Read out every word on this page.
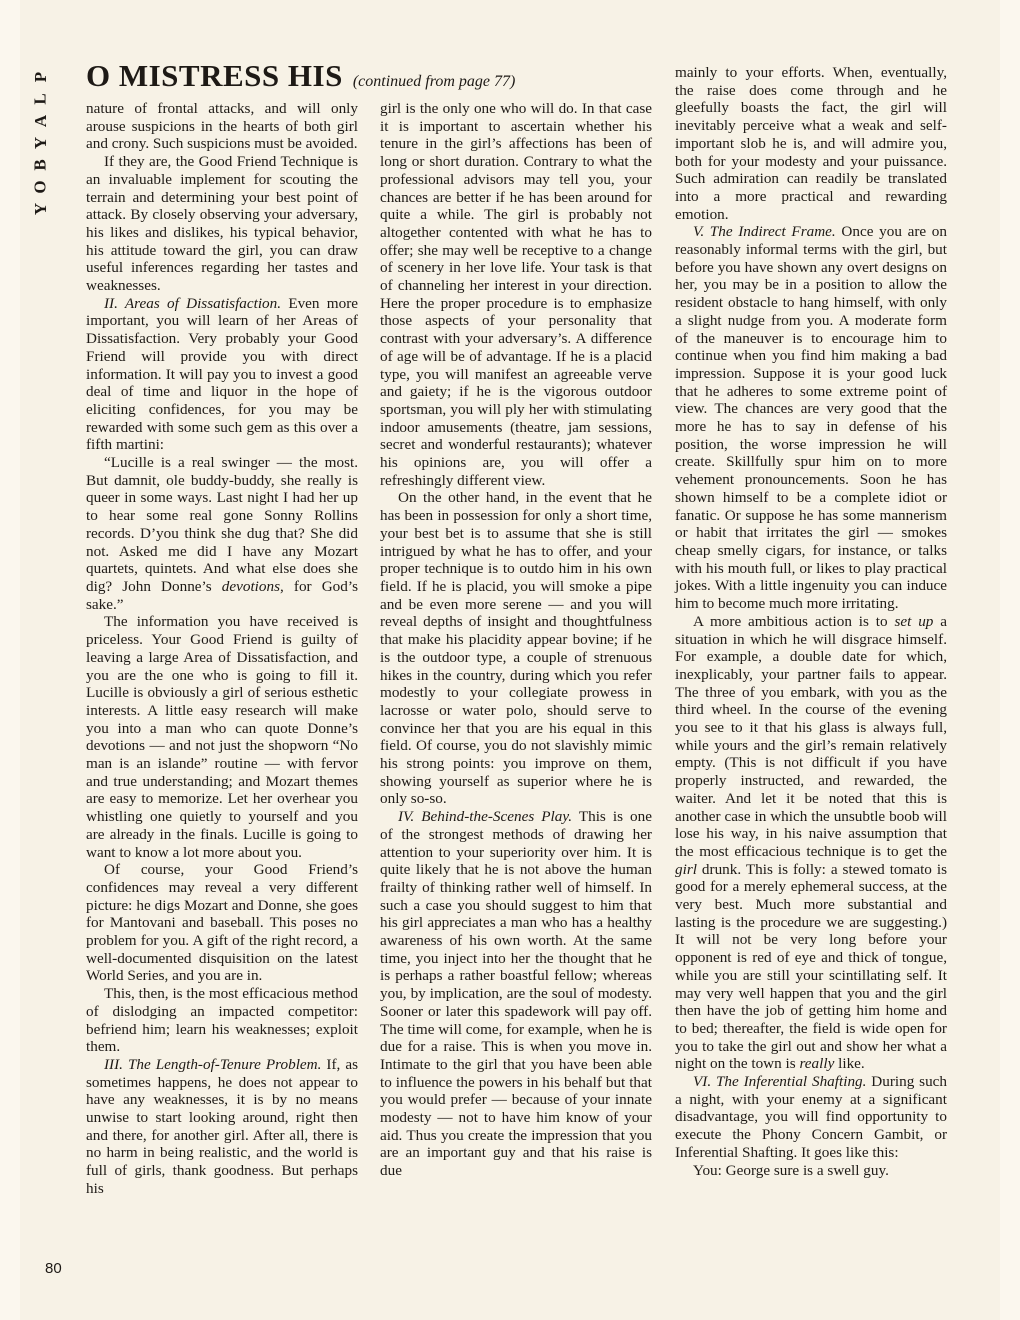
P
L
A
Y
B
O
Y
O MISTRESS HIS (continued from page 77)

nature of frontal attacks, and will only arouse suspicions in the hearts of both girl and crony. Such suspicions must be avoided.

If they are, the Good Friend Technique is an invaluable implement for scouting the terrain and determining your best point of attack. By closely observing your adversary, his likes and dislikes, his typical behavior, his attitude toward the girl, you can draw useful inferences regarding her tastes and weaknesses.

II. Areas of Dissatisfaction. Even more important, you will learn of her Areas of Dissatisfaction. Very probably your Good Friend will provide you with direct information. It will pay you to invest a good deal of time and liquor in the hope of eliciting confidences, for you may be rewarded with some such gem as this over a fifth martini:

“Lucille is a real swinger — the most. But damnit, ole buddy-buddy, she really is queer in some ways. Last night I had her up to hear some real gone Sonny Rollins records. D’you think she dug that? She did not. Asked me did I have any Mozart quartets, quintets. And what else does she dig? John Donne’s devotions, for God’s sake.”

The information you have received is priceless. Your Good Friend is guilty of leaving a large Area of Dissatisfaction, and you are the one who is going to fill it. Lucille is obviously a girl of serious esthetic interests. A little easy research will make you into a man who can quote Donne’s devotions — and not just the shopworn “No man is an islande” routine — with fervor and true understanding; and Mozart themes are easy to memorize. Let her overhear you whistling one quietly to yourself and you are already in the finals. Lucille is going to want to know a lot more about you.

Of course, your Good Friend’s confidences may reveal a very different picture: he digs Mozart and Donne, she goes for Mantovani and baseball. This poses no problem for you. A gift of the right record, a well-documented disquisition on the latest World Series, and you are in.

This, then, is the most efficacious method of dislodging an impacted competitor: befriend him; learn his weaknesses; exploit them.

III. The Length-of-Tenure Problem. If, as sometimes happens, he does not appear to have any weaknesses, it is by no means unwise to start looking around, right then and there, for another girl. After all, there is no harm in being realistic, and the world is full of girls, thank goodness. But perhaps his

girl is the only one who will do. In that case it is important to ascertain whether his tenure in the girl’s affections has been of long or short duration. Contrary to what the professional advisors may tell you, your chances are better if he has been around for quite a while. The girl is probably not altogether contented with what he has to offer; she may well be receptive to a change of scenery in her love life. Your task is that of channeling her interest in your direction. Here the proper procedure is to emphasize those aspects of your personality that contrast with your adversary’s. A difference of age will be of advantage. If he is a placid type, you will manifest an agreeable verve and gaiety; if he is the vigorous outdoor sportsman, you will ply her with stimulating indoor amusements (theatre, jam sessions, secret and wonderful restaurants); whatever his opinions are, you will offer a refreshingly different view.

On the other hand, in the event that he has been in possession for only a short time, your best bet is to assume that she is still intrigued by what he has to offer, and your proper technique is to outdo him in his own field. If he is placid, you will smoke a pipe and be even more serene — and you will reveal depths of insight and thoughtfulness that make his placidity appear bovine; if he is the outdoor type, a couple of strenuous hikes in the country, during which you refer modestly to your collegiate prowess in lacrosse or water polo, should serve to convince her that you are his equal in this field. Of course, you do not slavishly mimic his strong points: you improve on them, showing yourself as superior where he is only so-so.

IV. Behind-the-Scenes Play. This is one of the strongest methods of drawing her attention to your superiority over him. It is quite likely that he is not above the human frailty of thinking rather well of himself. In such a case you should suggest to him that his girl appreciates a man who has a healthy awareness of his own worth. At the same time, you inject into her the thought that he is perhaps a rather boastful fellow; whereas you, by implication, are the soul of modesty. Sooner or later this spadework will pay off. The time will come, for example, when he is due for a raise. This is when you move in. Intimate to the girl that you have been able to influence the powers in his behalf but that you would prefer — because of your innate modesty — not to have him know of your aid. Thus you create the impression that you are an important guy and that his raise is due

mainly to your efforts. When, eventually, the raise does come through and he gleefully boasts the fact, the girl will inevitably perceive what a weak and self-important slob he is, and will admire you, both for your modesty and your puissance. Such admiration can readily be translated into a more practical and rewarding emotion.

V. The Indirect Frame. Once you are on reasonably informal terms with the girl, but before you have shown any overt designs on her, you may be in a position to allow the resident obstacle to hang himself, with only a slight nudge from you. A moderate form of the maneuver is to encourage him to continue when you find him making a bad impression. Suppose it is your good luck that he adheres to some extreme point of view. The chances are very good that the more he has to say in defense of his position, the worse impression he will create. Skillfully spur him on to more vehement pronouncements. Soon he has shown himself to be a complete idiot or fanatic. Or suppose he has some mannerism or habit that irritates the girl — smokes cheap smelly cigars, for instance, or talks with his mouth full, or likes to play practical jokes. With a little ingenuity you can induce him to become much more irritating.

A more ambitious action is to set up a situation in which he will disgrace himself. For example, a double date for which, inexplicably, your partner fails to appear. The three of you embark, with you as the third wheel. In the course of the evening you see to it that his glass is always full, while yours and the girl’s remain relatively empty. (This is not difficult if you have properly instructed, and rewarded, the waiter. And let it be noted that this is another case in which the unsubtle boob will lose his way, in his naive assumption that the most efficacious technique is to get the girl drunk. This is folly: a stewed tomato is good for a merely ephemeral success, at the very best. Much more substantial and lasting is the procedure we are suggesting.) It will not be very long before your opponent is red of eye and thick of tongue, while you are still your scintillating self. It may very well happen that you and the girl then have the job of getting him home and to bed; thereafter, the field is wide open for you to take the girl out and show her what a night on the town is really like.

VI. The Inferential Shafting. During such a night, with your enemy at a significant disadvantage, you will find opportunity to execute the Phony Concern Gambit, or Inferential Shafting. It goes like this:

You: George sure is a swell guy.

80
